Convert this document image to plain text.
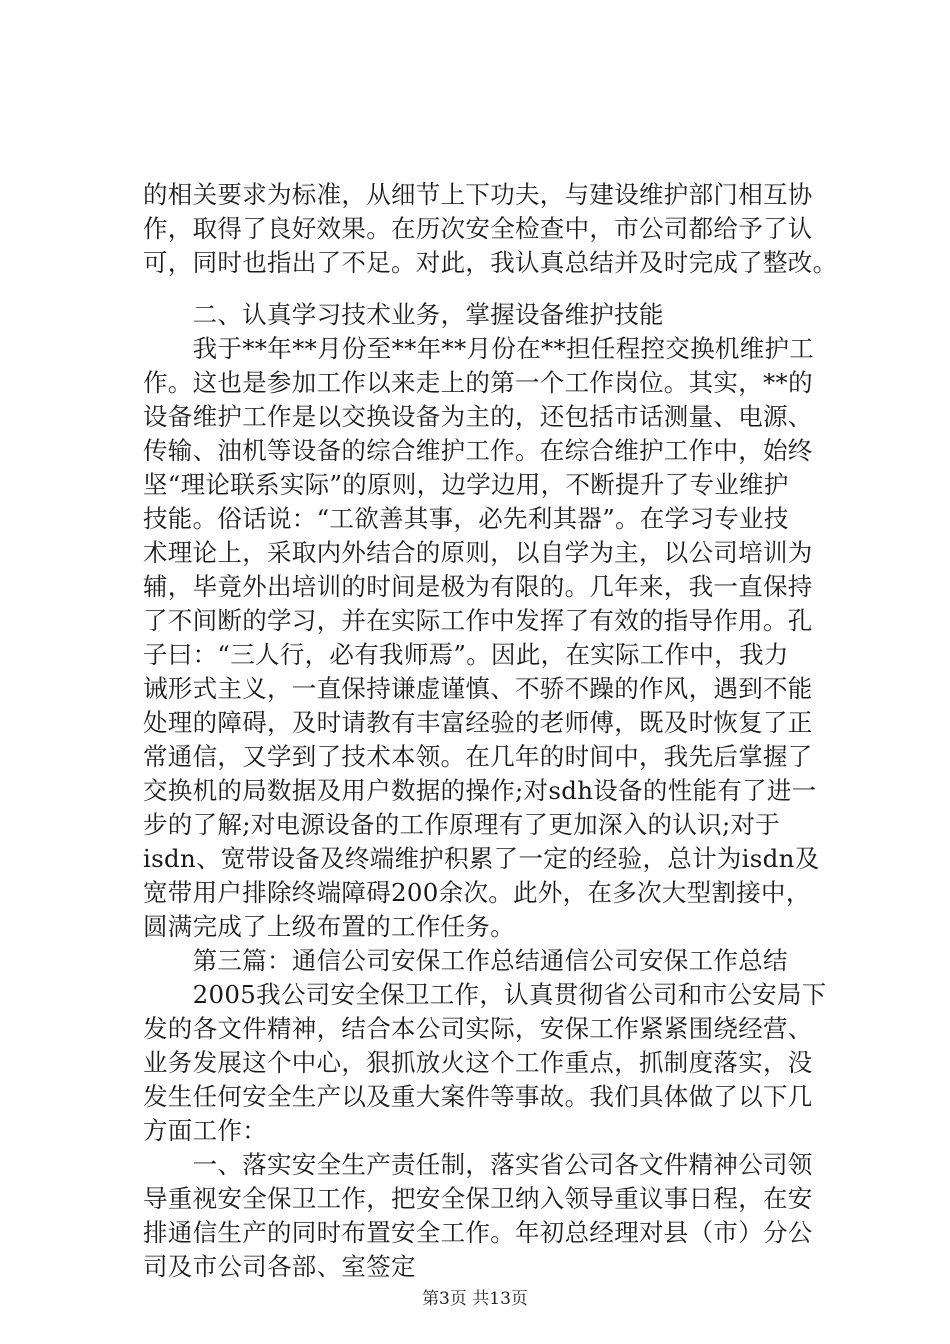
的相关要求为标准，从细节上下功夫，与建设维护部门相互协
作，取得了良好效果。在历次安全检查中，市公司都给予了认
可，同时也指出了不足。对此，我认真总结并及时完成了整改。
　　二、认真学习技术业务，掌握设备维护技能
　　我于**年**月份至**年**月份在**担任程控交换机维护工
作。这也是参加工作以来走上的第一个工作岗位。其实，**的
设备维护工作是以交换设备为主的，还包括市话测量、电源、
传输、油机等设备的综合维护工作。在综合维护工作中，始终
坚“理论联系实际”的原则，边学边用，不断提升了专业维护
技能。俗话说：“工欲善其事，必先利其器”。在学习专业技
术理论上，采取内外结合的原则，以自学为主，以公司培训为
辅，毕竟外出培训的时间是极为有限的。几年来，我一直保持
了不间断的学习，并在实际工作中发挥了有效的指导作用。孔
子曰：“三人行，必有我师焉”。因此，在实际工作中，我力
诫形式主义，一直保持谦虚谨慎、不骄不躁的作风，遇到不能
处理的障碍，及时请教有丰富经验的老师傅，既及时恢复了正
常通信，又学到了技术本领。在几年的时间中，我先后掌握了
交换机的局数据及用户数据的操作;对sdh设备的性能有了进一
步的了解;对电源设备的工作原理有了更加深入的认识;对于
isdn、宽带设备及终端维护积累了一定的经验，总计为isdn及
宽带用户排除终端障碍200余次。此外，在多次大型割接中，
圆满完成了上级布置的工作任务。
　　第三篇：通信公司安保工作总结通信公司安保工作总结
　　2005我公司安全保卫工作，认真贯彻省公司和市公安局下
发的各文件精神，结合本公司实际，安保工作紧紧围绕经营、
业务发展这个中心，狠抓放火这个工作重点，抓制度落实，没
发生任何安全生产以及重大案件等事故。我们具体做了以下几
方面工作：
　　一、落实安全生产责任制，落实省公司各文件精神公司领
导重视安全保卫工作，把安全保卫纳入领导重议事日程，在安
排通信生产的同时布置安全工作。年初总经理对县（市）分公
司及市公司各部、室签定
第3页 共13页
